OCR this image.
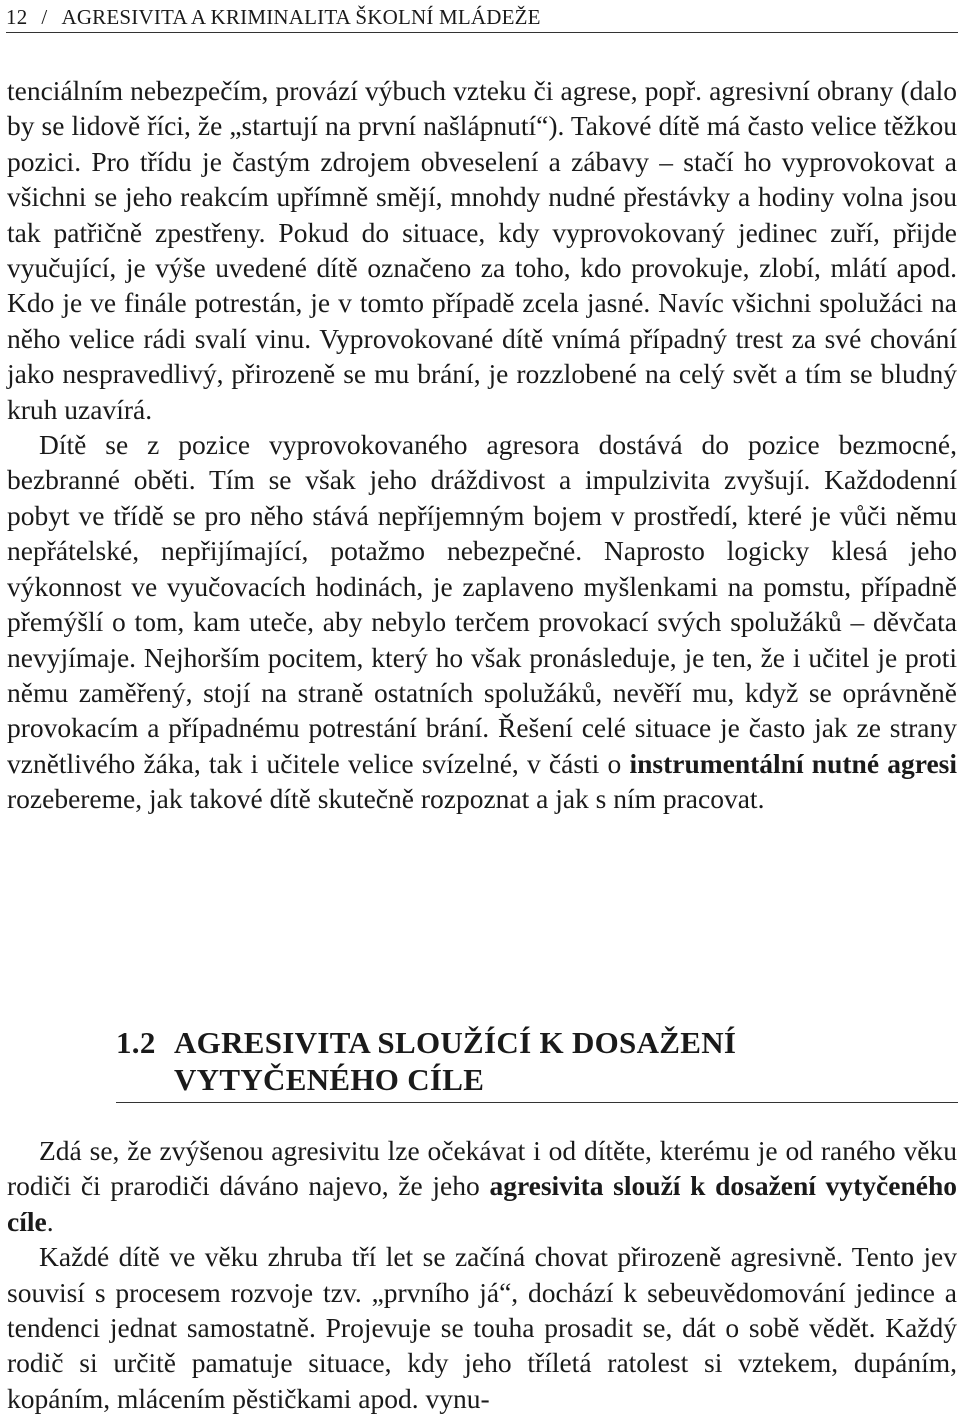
12 / AGRESIVITA A KRIMINALITA ŠKOLNÍ MLÁDEŽE

tenciálním nebezpečím, provází výbuch vzteku či agrese, popř. agresivní obrany (dalo by se lidově říci, že „startují na první našlápnutí“). Takové dítě má často velice těžkou pozici. Pro třídu je častým zdrojem obveselení a zábavy – stačí ho vyprovokovat a všichni se jeho reakcím upřímně smějí, mnohdy nudné přestávky a hodiny volna jsou tak patřičně zpestřeny. Pokud do situace, kdy vyprovokovaný jedinec zuří, přijde vyučující, je výše uvedené dítě označeno za toho, kdo provokuje, zlobí, mlátí apod. Kdo je ve finále potrestán, je v tomto případě zcela jasné. Navíc všichni spolužáci na něho velice rádi svalí vinu. Vyprovokované dítě vnímá případný trest za své chování jako nespravedlivý, přirozeně se mu brání, je rozzlobené na celý svět a tím se bludný kruh uzavírá.

Dítě se z pozice vyprovokovaného agresora dostává do pozice bezmocné, bezbranné oběti. Tím se však jeho dráždivost a impulzivita zvyšují. Každodenní pobyt ve třídě se pro něho stává nepříjemným bojem v prostředí, které je vůči němu nepřátelské, nepřijímající, potažmo nebezpečné. Naprosto logicky klesá jeho výkonnost ve vyučovacích hodinách, je zaplaveno myšlenkami na pomstu, případně přemýšlí o tom, kam uteče, aby nebylo terčem provokací svých spolužáků – děvčata nevyjímaje. Nejhorším pocitem, který ho však pronásleduje, je ten, že i učitel je proti němu zaměřený, stojí na straně ostatních spolužáků, nevěří mu, když se oprávněně provokacím a případnému potrestání brání. Řešení celé situace je často jak ze strany vznětlivého žáka, tak i učitele velice svízelné, v části o instrumentální nutné agresi rozebereme, jak takové dítě skutečně rozpoznat a jak s ním pracovat.

1.2 AGRESIVITA SLOUŽÍCÍ K DOSAŽENÍ
VYTYČENÉHO CÍLE

Zdá se, že zvýšenou agresivitu lze očekávat i od dítěte, kterému je od raného věku rodiči či prarodiči dáváno najevo, že jeho agresivita slouží k dosažení vytyčeného cíle.

Každé dítě ve věku zhruba tří let se začíná chovat přirozeně agresivně. Tento jev souvisí s procesem rozvoje tzv. „prvního já“, dochází k sebeuvědomování jedince a tendenci jednat samostatně. Projevuje se touha prosadit se, dát o sobě vědět. Každý rodič si určitě pamatuje situace, kdy jeho tříletá ratolest si vztekem, dupáním, kopáním, mlácením pěstičkami apod. vynu-
